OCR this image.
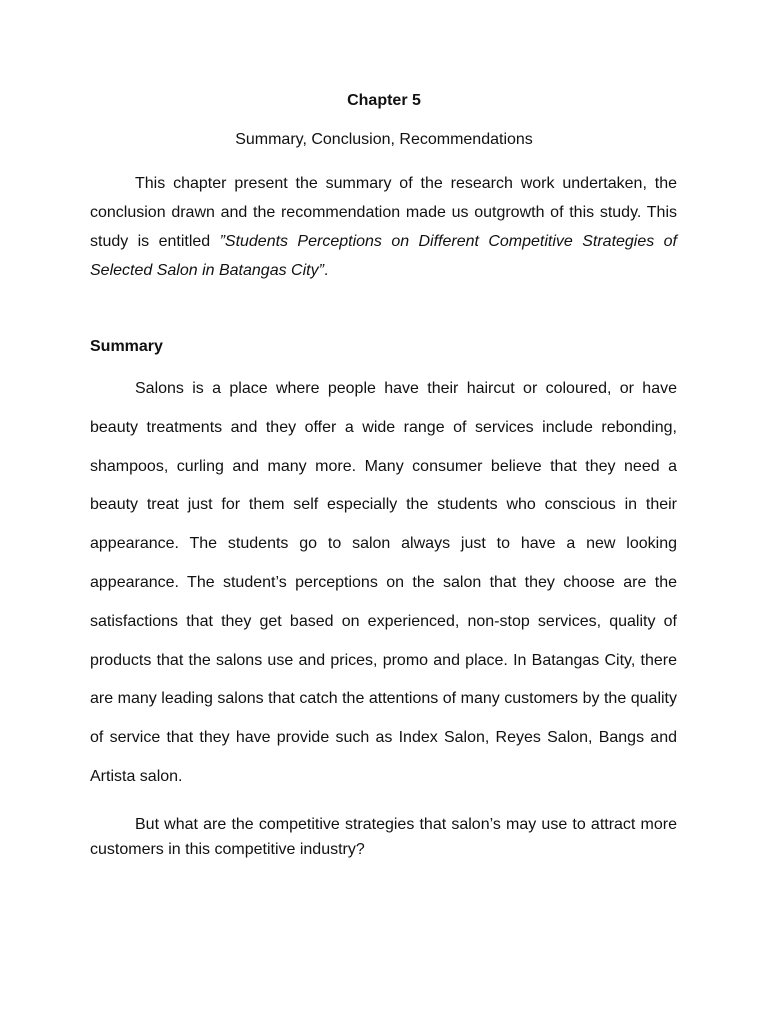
Chapter 5
Summary, Conclusion, Recommendations

This chapter present the summary of the research work undertaken, the conclusion drawn and the recommendation made us outgrowth of this study. This study is entitled ”Students Perceptions on Different Competitive Strategies of Selected Salon in Batangas City”.

Summary

Salons is a place where people have their haircut or coloured, or have beauty treatments and they offer a wide range of services include rebonding, shampoos, curling and many more. Many consumer believe that they need a beauty treat just for them self especially the students who conscious in their appearance. The students go to salon always just to have a new looking appearance. The student’s perceptions on the salon that they choose are the satisfactions that they get based on experienced, non-stop services, quality of products that the salons use and prices, promo and place. In Batangas City, there are many leading salons that catch the attentions of many customers by the quality of service that they have provide such as Index Salon, Reyes Salon, Bangs and Artista salon.

But what are the competitive strategies that salon’s may use to attract more customers in this competitive industry?
